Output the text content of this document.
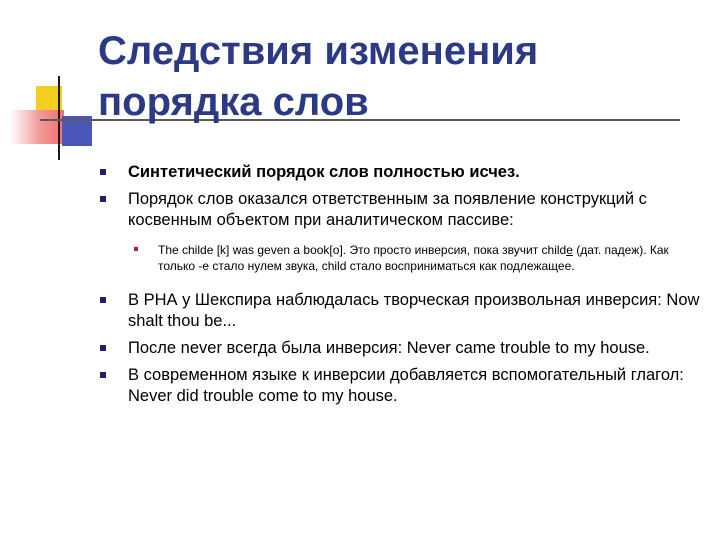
Следствия изменения
порядка слов
Синтетический порядок слов полностью исчез.
Порядок слов оказался ответственным за появление конструкций с косвенным объектом при аналитическом пассиве:
The childe [k] was geven a book[o]. Это просто инверсия, пока звучит childe (дат. падеж). Как только -е стало нулем звука, child стало восприниматься как подлежащее.
В РНА у Шекспира наблюдалась творческая произвольная инверсия: Now shalt thou be...
После never всегда была инверсия: Never came trouble to my house.
В современном языке к инверсии добавляется вспомогательный глагол: Never did trouble come to my house.
